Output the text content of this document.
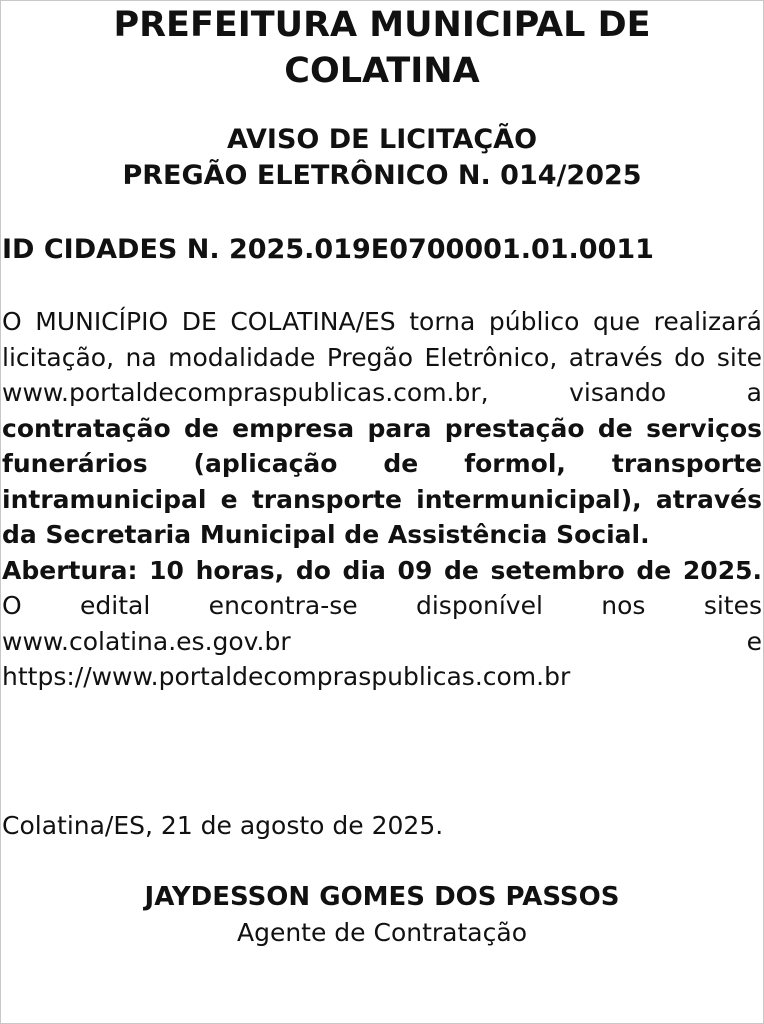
PREFEITURA MUNICIPAL DE
COLATINA
AVISO DE LICITAÇÃO
PREGÃO ELETRÔNICO N. 014/2025
ID CIDADES N. 2025.019E0700001.01.0011

O MUNICÍPIO DE COLATINA/ES torna público que realizará licitação, na modalidade Pregão Eletrônico, através do site www.portaldecompraspublicas.com.br, visando a contratação de empresa para prestação de serviços funerários (aplicação de formol, transporte intramunicipal e transporte intermunicipal), através da Secretaria Municipal de Assistência Social.

Abertura: 10 horas, do dia 09 de setembro de 2025. O edital encontra-se disponível nos sites www.colatina.es.gov.br e https://www.portaldecompraspublicas.com.br

Colatina/ES, 21 de agosto de 2025.
JAYDESSON GOMES DOS PASSOS
Agente de Contratação
